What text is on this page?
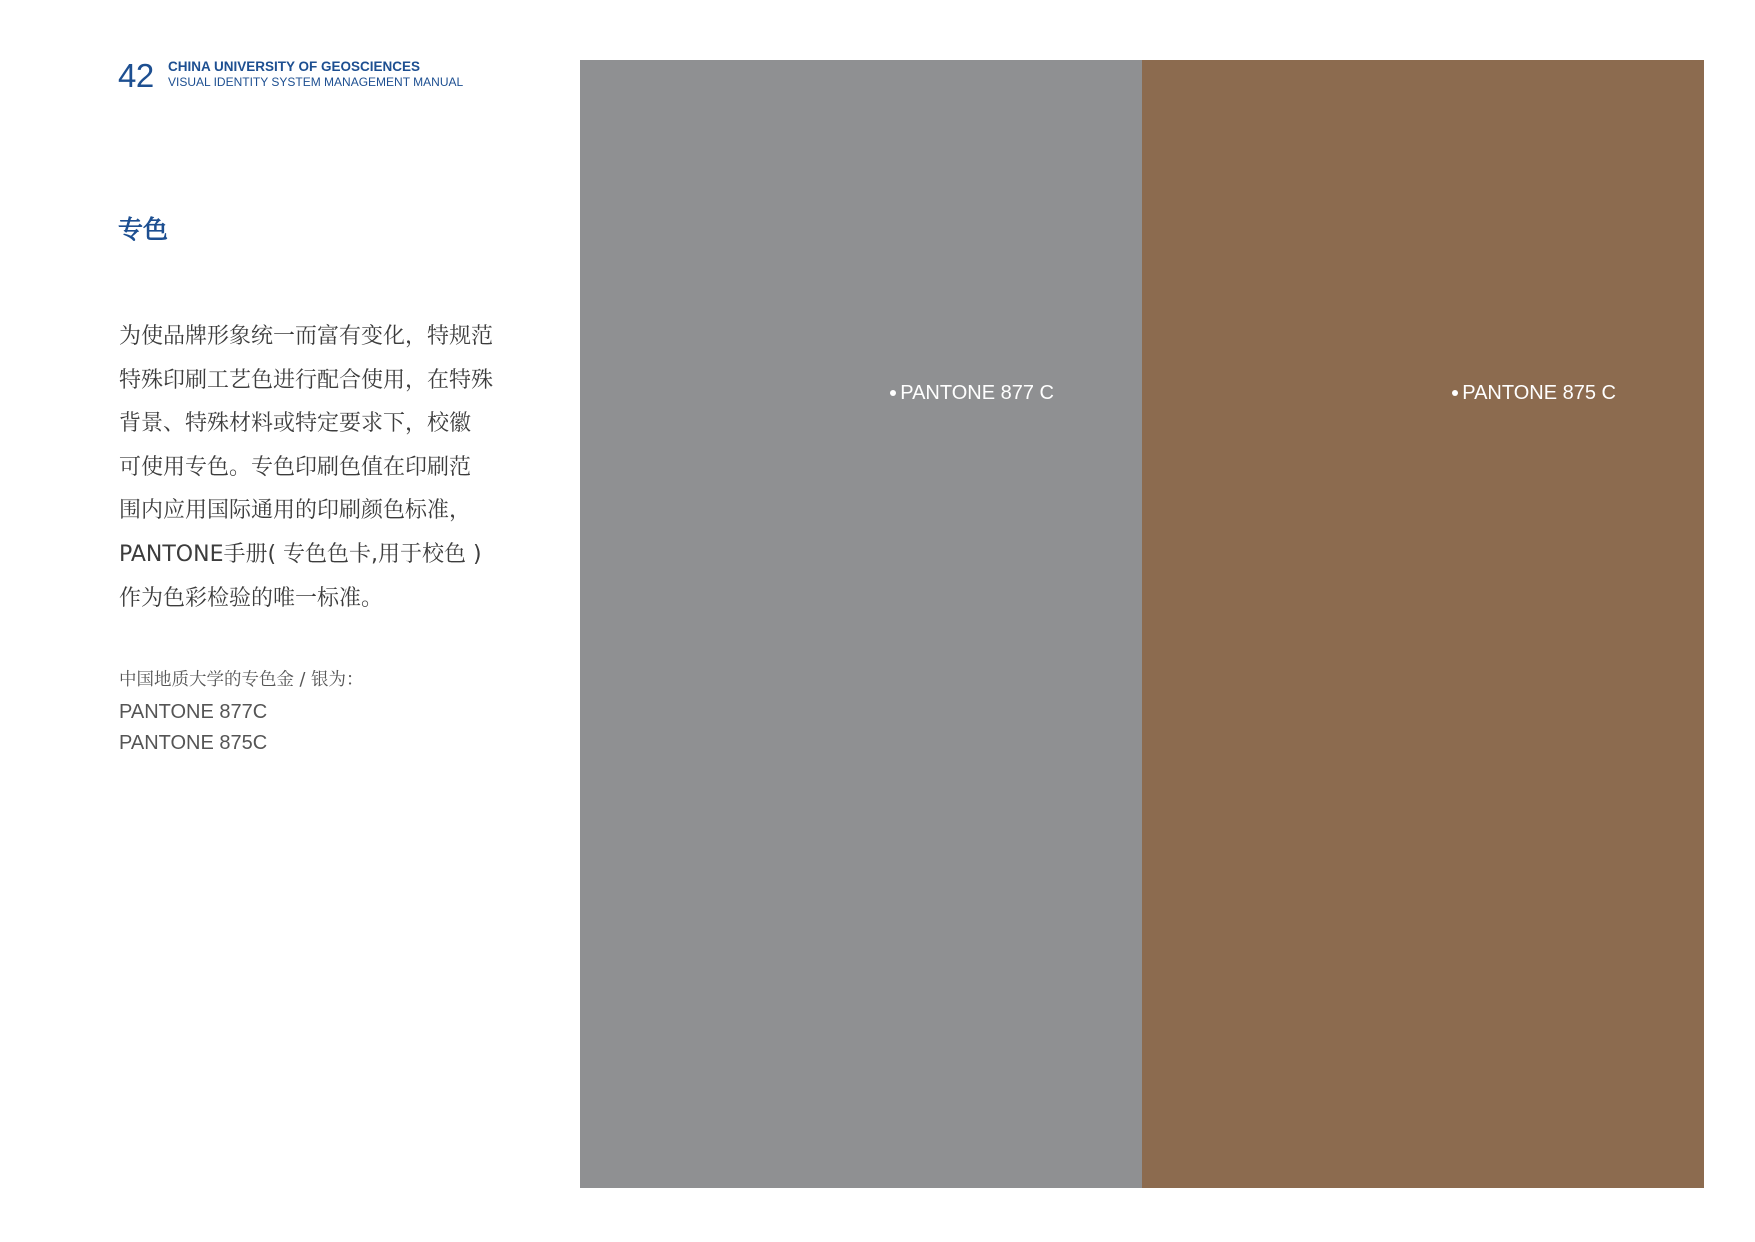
42 CHINA UNIVERSITY OF GEOSCIENCES
VISUAL IDENTITY SYSTEM MANAGEMENT MANUAL
专色
为使品牌形象统一而富有变化，特规范
特殊印刷工艺色进行配合使用，在特殊
背景、特殊材料或特定要求下，校徽
可使用专色。专色印刷色值在印刷范
围内应用国际通用的印刷颜色标准，
PANTONE手册( 专色色卡,用于校色 )
作为色彩检验的唯一标准。
中国地质大学的专色金 / 银为：
PANTONE 877C
PANTONE 875C
PANTONE 877 C	PANTONE 875 C
